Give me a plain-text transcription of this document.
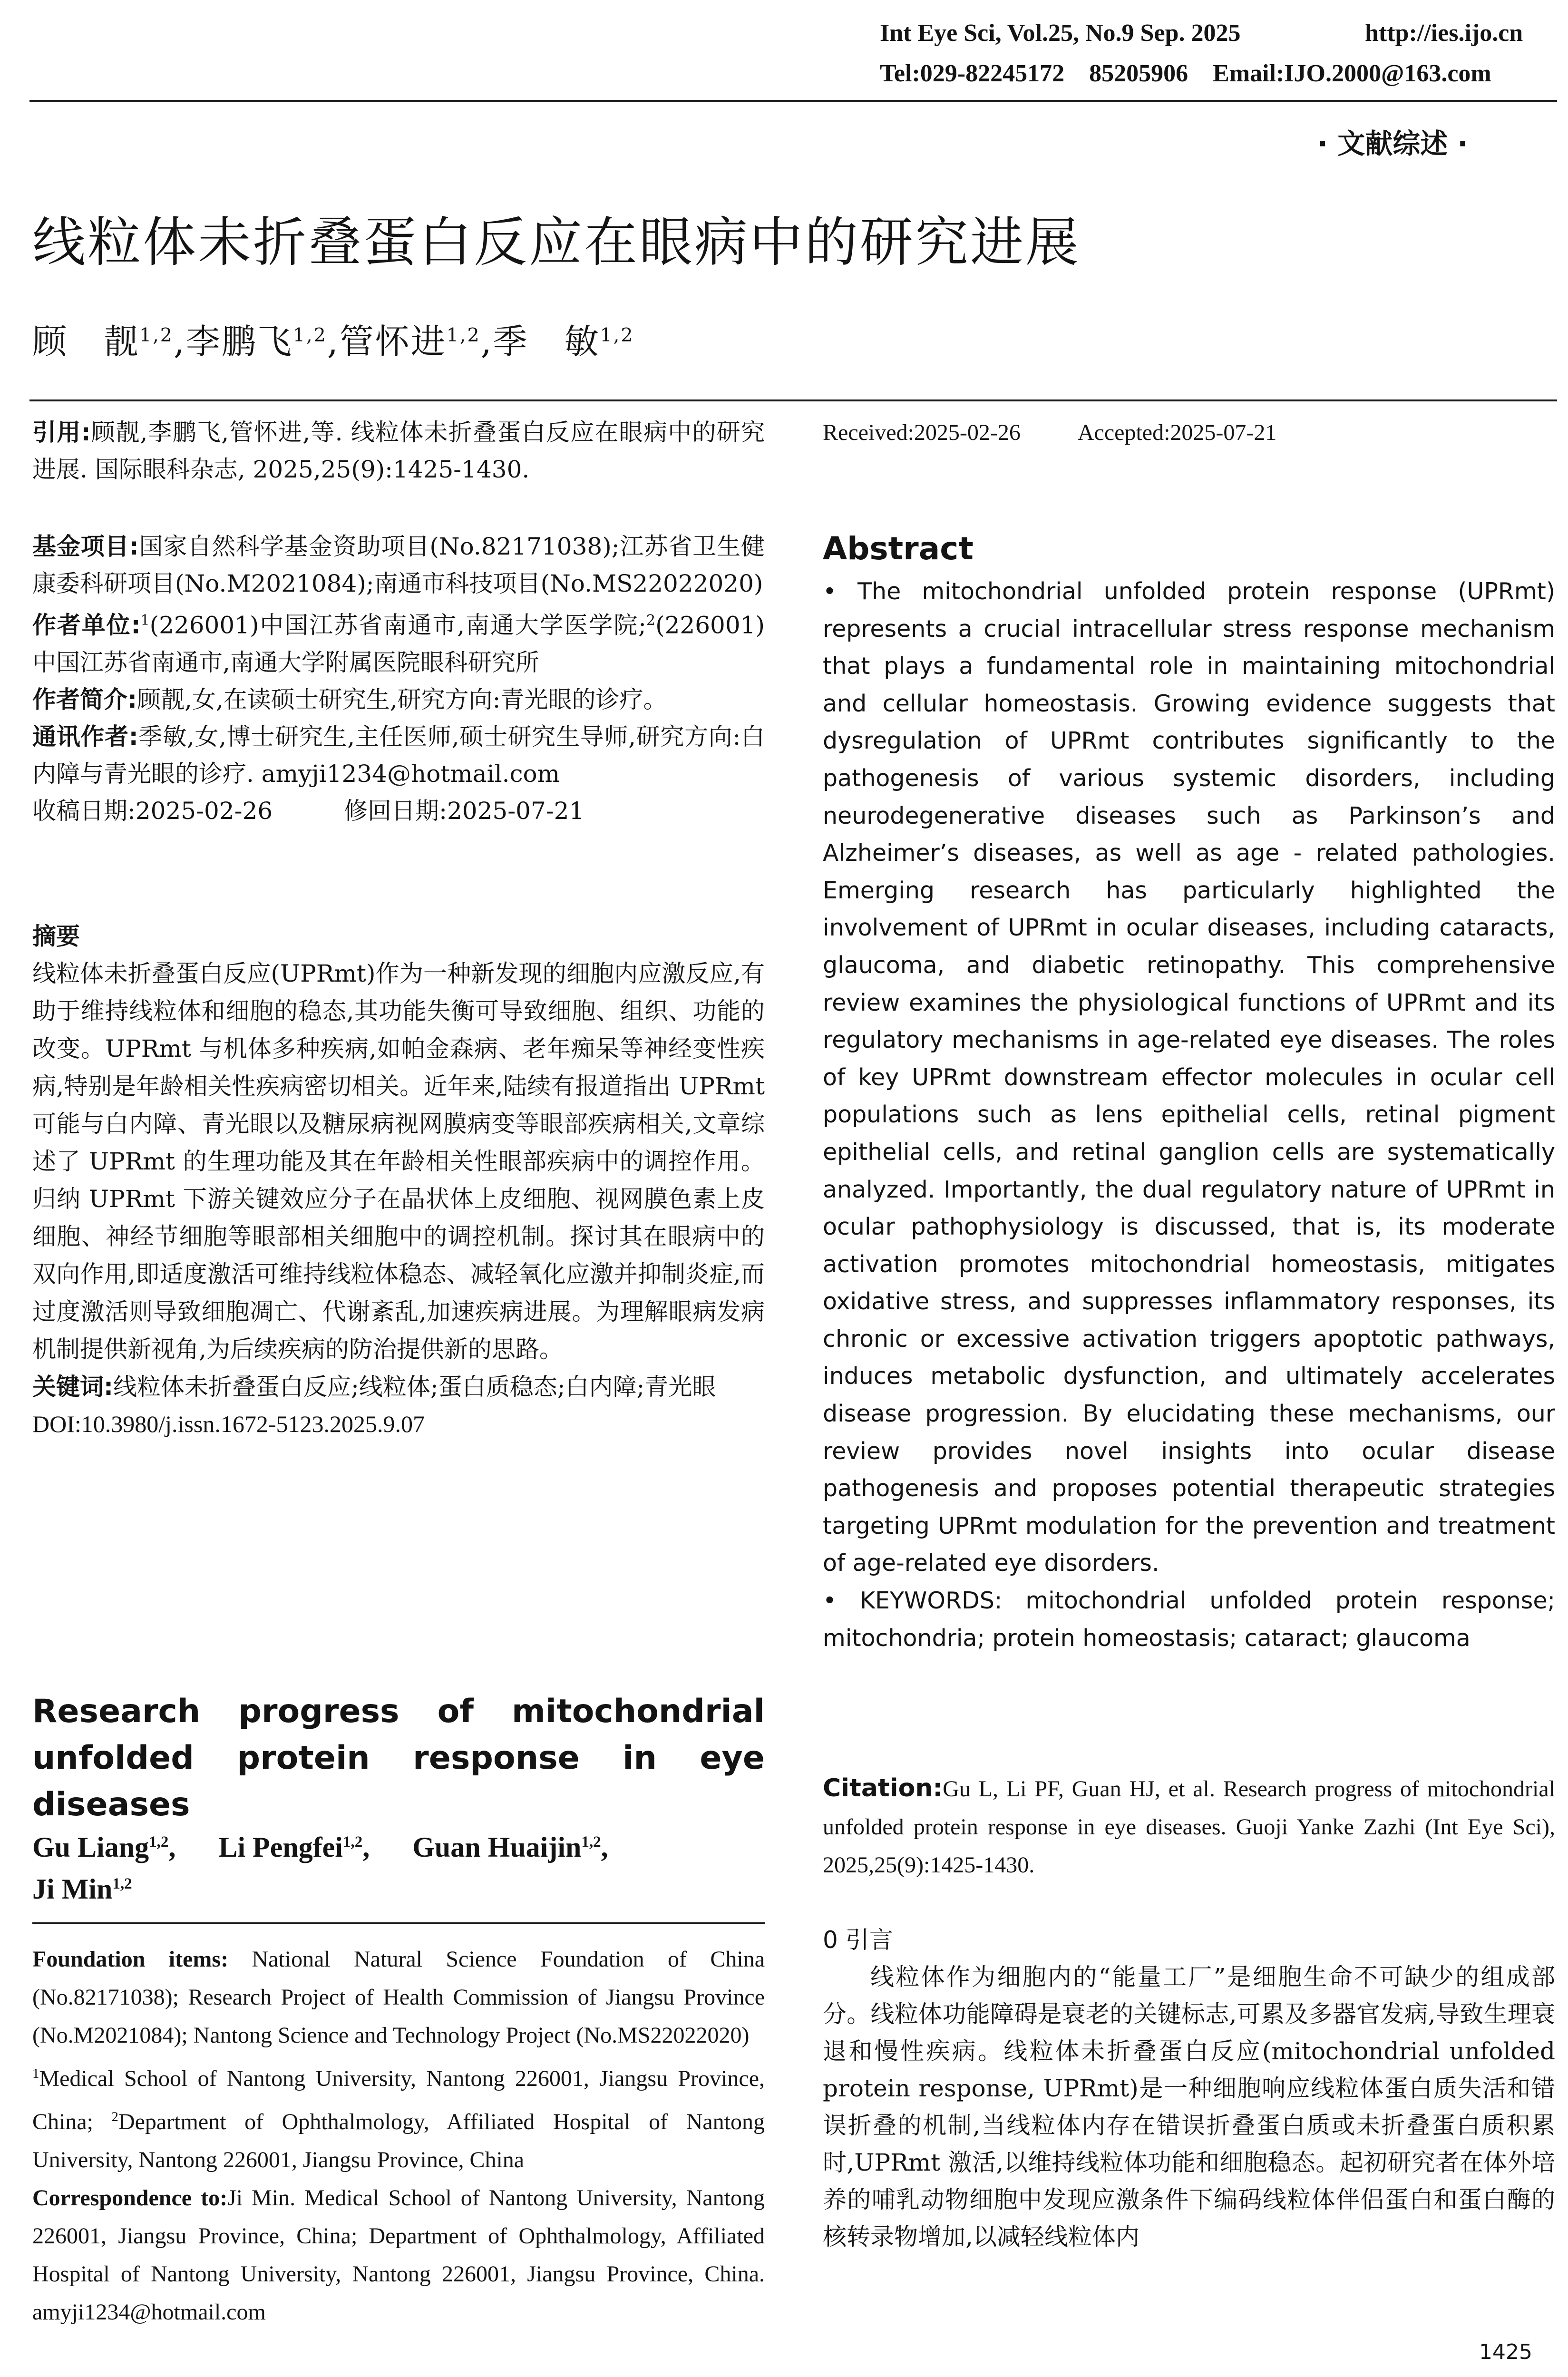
Int Eye Sci, Vol.25, No.9 Sep. 2025	http://ies.ijo.cn
Tel:029-82245172    85205906    Email:IJO.2000@163.com
· 文献综述 ·
线粒体未折叠蛋白反应在眼病中的研究进展
顾　靓$^{1,2}$,李鹏飞$^{1,2}$,管怀进$^{1,2}$,季　敏$^{1,2}$

引用:顾靓,李鹏飞,管怀进,等. 线粒体未折叠蛋白反应在眼病中的研究进展. 国际眼科杂志, 2025,25(9):1425-1430.

基金项目:国家自然科学基金资助项目(No.82171038);江苏省卫生健康委科研项目(No.M2021084);南通市科技项目(No.MS22022020)

作者单位:$^1$(226001)中国江苏省南通市,南通大学医学院;$^2$(226001)中国江苏省南通市,南通大学附属医院眼科研究所

作者简介:顾靓,女,在读硕士研究生,研究方向:青光眼的诊疗。

通讯作者:季敏,女,博士研究生,主任医师,硕士研究生导师,研究方向:白内障与青光眼的诊疗. amyji1234@hotmail.com

收稿日期:2025-02-26	修回日期:2025-07-21

摘要

线粒体未折叠蛋白反应(UPRmt)作为一种新发现的细胞内应激反应,有助于维持线粒体和细胞的稳态,其功能失衡可导致细胞、组织、功能的改变。UPRmt 与机体多种疾病,如帕金森病、老年痴呆等神经变性疾病,特别是年龄相关性疾病密切相关。近年来,陆续有报道指出 UPRmt 可能与白内障、青光眼以及糖尿病视网膜病变等眼部疾病相关,文章综述了 UPRmt 的生理功能及其在年龄相关性眼部疾病中的调控作用。归纳 UPRmt 下游关键效应分子在晶状体上皮细胞、视网膜色素上皮细胞、神经节细胞等眼部相关细胞中的调控机制。探讨其在眼病中的双向作用,即适度激活可维持线粒体稳态、减轻氧化应激并抑制炎症,而过度激活则导致细胞凋亡、代谢紊乱,加速疾病进展。为理解眼病发病机制提供新视角,为后续疾病的防治提供新的思路。

关键词:线粒体未折叠蛋白反应;线粒体;蛋白质稳态;白内障;青光眼

DOI:10.3980/j.issn.1672-5123.2025.9.07

Research progress of mitochondrial unfolded protein response in eye diseases
Gu Liang$^{1,2}$,      Li Pengfei$^{1,2}$,      Guan Huaijin$^{1,2}$,
Ji Min$^{1,2}$

Foundation items: National Natural Science Foundation of China (No.82171038); Research Project of Health Commission of Jiangsu Province (No.M2021084); Nantong Science and Technology Project (No.MS22022020)

$^1$Medical School of Nantong University, Nantong 226001, Jiangsu Province, China; $^2$Department of Ophthalmology, Affiliated Hospital of Nantong University, Nantong 226001, Jiangsu Province, China

Correspondence to:Ji Min. Medical School of Nantong University, Nantong 226001, Jiangsu Province, China; Department of Ophthalmology, Affiliated Hospital of Nantong University, Nantong 226001, Jiangsu Province, China. amyji1234@hotmail.com

Received:2025-02-26	Accepted:2025-07-21

Abstract

• The mitochondrial unfolded protein response (UPRmt) represents a crucial intracellular stress response mechanism that plays a fundamental role in maintaining mitochondrial and cellular homeostasis. Growing evidence suggests that dysregulation of UPRmt contributes significantly to the pathogenesis of various systemic disorders, including neurodegenerative diseases such as Parkinson’s and Alzheimer’s diseases, as well as age - related pathologies. Emerging research has particularly highlighted the involvement of UPRmt in ocular diseases, including cataracts, glaucoma, and diabetic retinopathy. This comprehensive review examines the physiological functions of UPRmt and its regulatory mechanisms in age-related eye diseases. The roles of key UPRmt downstream effector molecules in ocular cell populations such as lens epithelial cells, retinal pigment epithelial cells, and retinal ganglion cells are systematically analyzed. Importantly, the dual regulatory nature of UPRmt in ocular pathophysiology is discussed, that is, its moderate activation promotes mitochondrial homeostasis, mitigates oxidative stress, and suppresses inflammatory responses, its chronic or excessive activation triggers apoptotic pathways, induces metabolic dysfunction, and ultimately accelerates disease progression. By elucidating these mechanisms, our review provides novel insights into ocular disease pathogenesis and proposes potential therapeutic strategies targeting UPRmt modulation for the prevention and treatment of age-related eye disorders.

• KEYWORDS: mitochondrial unfolded protein response; mitochondria; protein homeostasis; cataract; glaucoma

Citation:Gu L, Li PF, Guan HJ, et al. Research progress of mitochondrial unfolded protein response in eye diseases. Guoji Yanke Zazhi (Int Eye Sci), 2025,25(9):1425-1430.

0 引言

线粒体作为细胞内的“能量工厂”是细胞生命不可缺少的组成部分。线粒体功能障碍是衰老的关键标志,可累及多器官发病,导致生理衰退和慢性疾病。线粒体未折叠蛋白反应(mitochondrial unfolded protein response, UPRmt)是一种细胞响应线粒体蛋白质失活和错误折叠的机制,当线粒体内存在错误折叠蛋白质或未折叠蛋白质积累时,UPRmt 激活,以维持线粒体功能和细胞稳态。起初研究者在体外培养的哺乳动物细胞中发现应激条件下编码线粒体伴侣蛋白和蛋白酶的核转录物增加,以减轻线粒体内

1425
